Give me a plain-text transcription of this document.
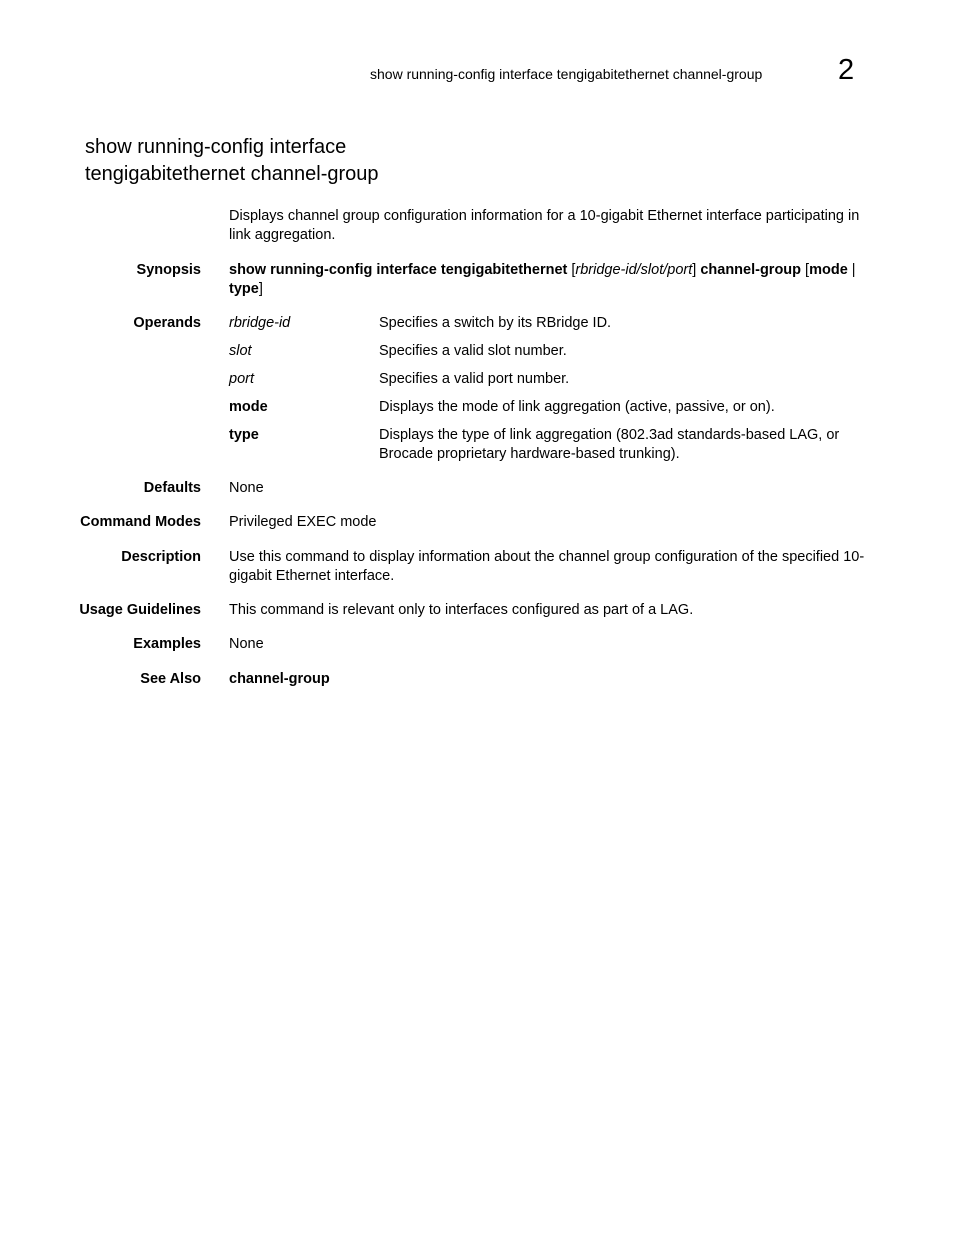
show running-config interface tengigabitethernet channel-group	2
show running-config interface
tengigabitethernet channel-group
Displays channel group configuration information for a 10-gigabit Ethernet interface participating in link aggregation.
Synopsis show running-config interface tengigabitethernet [rbridge-id/slot/port] channel-group [mode | type]
Operands rbridge-id	Specifies a switch by its RBridge ID.
slot	Specifies a valid slot number.
port	Specifies a valid port number.
mode	Displays the mode of link aggregation (active, passive, or on).
type	Displays the type of link aggregation (802.3ad standards-based LAG, or Brocade proprietary hardware-based trunking).
Defaults None
Command Modes Privileged EXEC mode
Description Use this command to display information about the channel group configuration of the specified 10-gigabit Ethernet interface.
Usage Guidelines This command is relevant only to interfaces configured as part of a LAG.
Examples None
See Also channel-group
